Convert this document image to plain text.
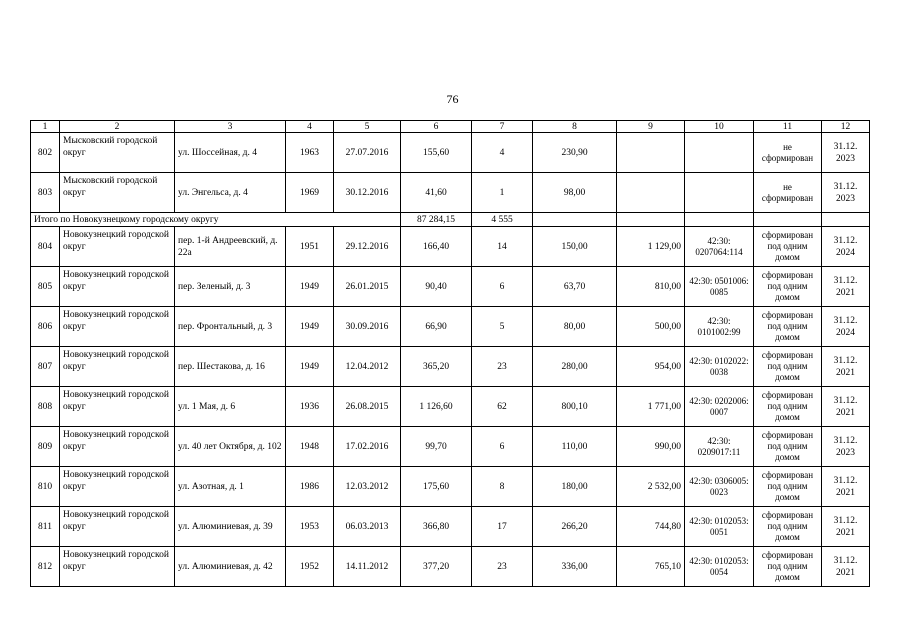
76
1	2	3	4	5	6	7	8	9	10	11	12
802	Мысковский городской округ	ул. Шоссейная, д. 4	1963	27.07.2016	155,60	4	230,90			не сформирован	31.12. 2023
803	Мысковский городской округ	ул. Энгельса, д. 4	1969	30.12.2016	41,60	1	98,00			не сформирован	31.12. 2023
Итого по Новокузнецкому городскому округу					87 284,15	4 555					
804	Новокузнецкий городской округ	пер. 1-й Андреевский, д. 22а	1951	29.12.2016	166,40	14	150,00	1 129,00	42:30: 0207064:114	сформирован под одним домом	31.12. 2024
805	Новокузнецкий городской округ	пер. Зеленый, д. 3	1949	26.01.2015	90,40	6	63,70	810,00	42:30: 0501006: 0085	сформирован под одним домом	31.12. 2021
806	Новокузнецкий городской округ	пер. Фронтальный, д. 3	1949	30.09.2016	66,90	5	80,00	500,00	42:30: 0101002:99	сформирован под одним домом	31.12. 2024
807	Новокузнецкий городской округ	пер. Шестакова, д. 16	1949	12.04.2012	365,20	23	280,00	954,00	42:30: 0102022: 0038	сформирован под одним домом	31.12. 2021
808	Новокузнецкий городской округ	ул. 1 Мая, д. 6	1936	26.08.2015	1 126,60	62	800,10	1 771,00	42:30: 0202006: 0007	сформирован под одним домом	31.12. 2021
809	Новокузнецкий городской округ	ул. 40 лет Октября, д. 102	1948	17.02.2016	99,70	6	110,00	990,00	42:30: 0209017:11	сформирован под одним домом	31.12. 2023
810	Новокузнецкий городской округ	ул. Азотная, д. 1	1986	12.03.2012	175,60	8	180,00	2 532,00	42:30: 0306005: 0023	сформирован под одним домом	31.12. 2021
811	Новокузнецкий городской округ	ул. Алюминиевая, д. 39	1953	06.03.2013	366,80	17	266,20	744,80	42:30: 0102053: 0051	сформирован под одним домом	31.12. 2021
812	Новокузнецкий городской округ	ул. Алюминиевая, д. 42	1952	14.11.2012	377,20	23	336,00	765,10	42:30: 0102053: 0054	сформирован под одним домом	31.12. 2021
